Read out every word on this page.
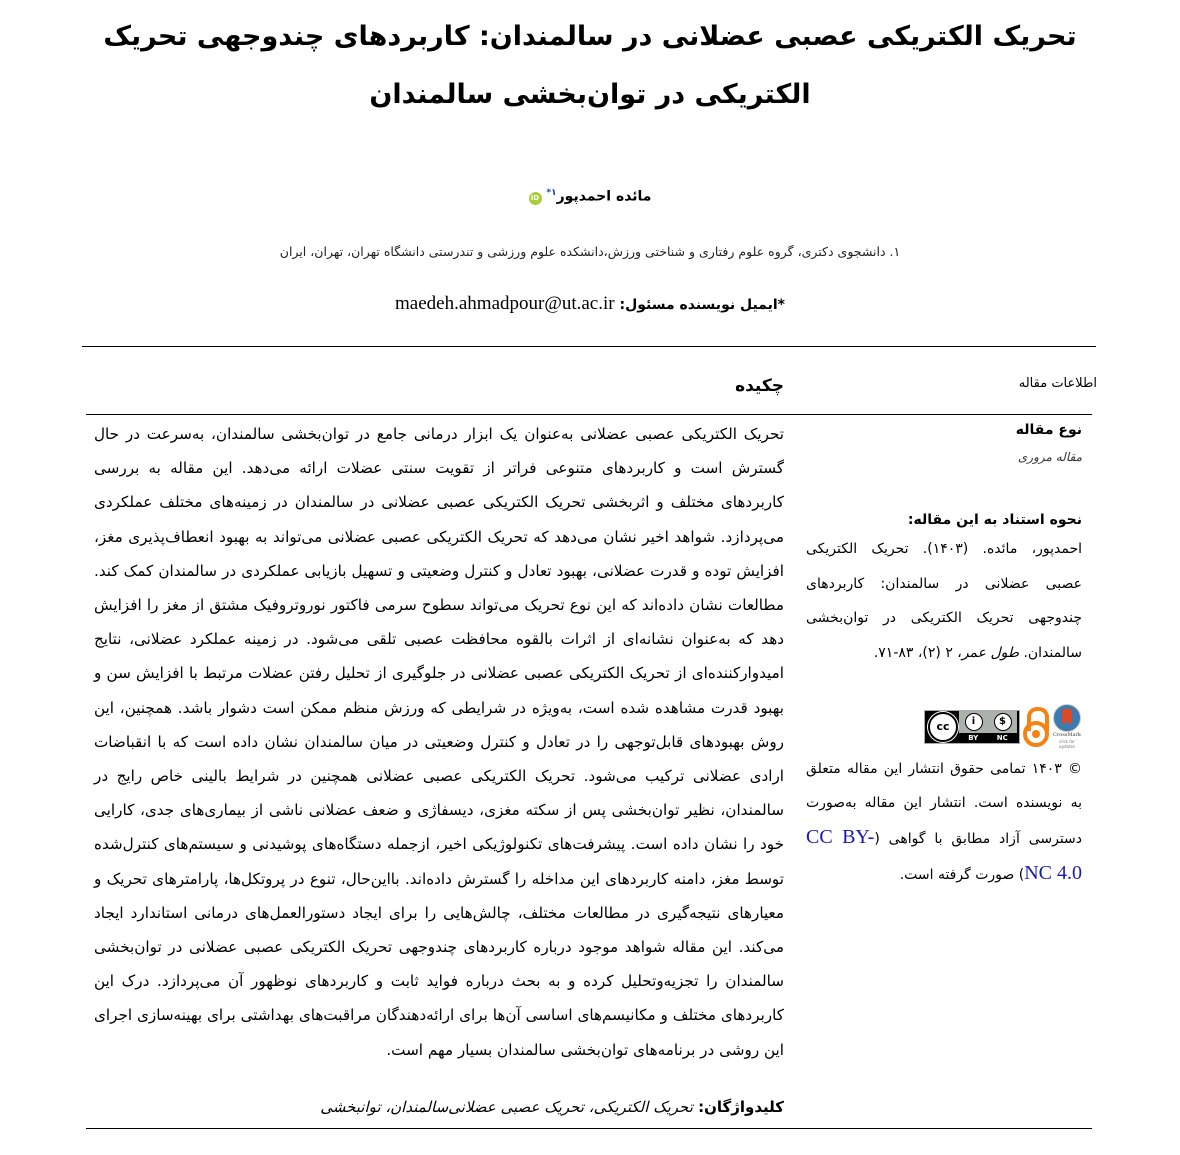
تحریک الکتریکی عصبی عضلانی در سالمندان: کاربردهای چندوجهی تحریک الکتریکی در توان‌بخشی سالمندان
مائده احمدپور$^{۱*}$ iD
۱. دانشجوی دکتری، گروه علوم رفتاری و شناختی ورزش،دانشکده علوم ورزشی و تندرستی دانشگاه تهران، تهران، ایران
*ایمیل نویسنده مسئول: maedeh.ahmadpour@ut.ac.ir
اطلاعات مقاله
چکیده
نوع مقاله
مقاله مروری
نحوه استناد به این مقاله:
احمدپور، مائده. (۱۴۰۳). تحریک الکتریکی عصبی عضلانی در سالمندان: کاربردهای چندوجهی تحریک الکتریکی در توان‌بخشی سالمندان. طول عمر، ۲ (۲)، ۸۳-۷۱.
cc	i	$
BY	NC	CrossMark
click for updates
© ۱۴۰۳ تمامی حقوق انتشار این مقاله متعلق به نویسنده است. انتشار این مقاله به‌صورت دسترسی آزاد مطابق با گواهی (CC BY-NC 4.0) صورت گرفته است.
تحریک الکتریکی عصبی عضلانی به‌عنوان یک ابزار درمانی جامع در توان‌بخشی سالمندان، به‌سرعت در حال گسترش است و کاربردهای متنوعی فراتر از تقویت سنتی عضلات ارائه می‌دهد. این مقاله به بررسی کاربردهای مختلف و اثربخشی تحریک الکتریکی عصبی عضلانی در سالمندان در زمینه‌های مختلف عملکردی می‌پردازد. شواهد اخیر نشان می‌دهد که تحریک الکتریکی عصبی عضلانی می‌تواند به بهبود انعطاف‌پذیری مغز، افزایش توده و قدرت عضلانی، بهبود تعادل و کنترل وضعیتی و تسهیل بازیابی عملکردی در سالمندان کمک کند. مطالعات نشان داده‌اند که این نوع تحریک می‌تواند سطوح سرمی فاکتور نوروتروفیک مشتق از مغز را افزایش دهد که به‌عنوان نشانه‌ای از اثرات بالقوه محافظت عصبی تلقی می‌شود. در زمینه عملکرد عضلانی، نتایج امیدوارکننده‌ای از تحریک الکتریکی عصبی عضلانی در جلوگیری از تحلیل رفتن عضلات مرتبط با افزایش سن و بهبود قدرت مشاهده شده است، به‌ویژه در شرایطی که ورزش منظم ممکن است دشوار باشد. همچنین، این روش بهبودهای قابل‌توجهی را در تعادل و کنترل وضعیتی در میان سالمندان نشان داده است که با انقباضات ارادی عضلانی ترکیب می‌شود. تحریک الکتریکی عصبی عضلانی همچنین در شرایط بالینی خاص رایج در سالمندان، نظیر توان‌بخشی پس از سکته مغزی، دیسفاژی و ضعف عضلانی ناشی از بیماری‌های جدی، کارایی خود را نشان داده است. پیشرفت‌های تکنولوژیکی اخیر، ازجمله دستگاه‌های پوشیدنی و سیستم‌های کنترل‌شده توسط مغز، دامنه کاربردهای این مداخله را گسترش داده‌اند. بااین‌حال، تنوع در پروتکل‌ها، پارامترهای تحریک و معیارهای نتیجه‌گیری در مطالعات مختلف، چالش‌هایی را برای ایجاد دستورالعمل‌های درمانی استاندارد ایجاد می‌کند. این مقاله شواهد موجود درباره کاربردهای چندوجهی تحریک الکتریکی عصبی عضلانی در توان‌بخشی سالمندان را تجزیه‌وتحلیل کرده و به بحث درباره فواید ثابت و کاربردهای نوظهور آن می‌پردازد. درک این کاربردهای مختلف و مکانیسم‌های اساسی آن‌ها برای ارائه‌دهندگان مراقبت‌های بهداشتی برای بهینه‌سازی اجرای این روشی در برنامه‌های توان‌بخشی سالمندان بسیار مهم است.
کلیدواژگان: تحریک الکتریکی، تحریک عصبی عضلانی‌سالمندان، توانبخشی
